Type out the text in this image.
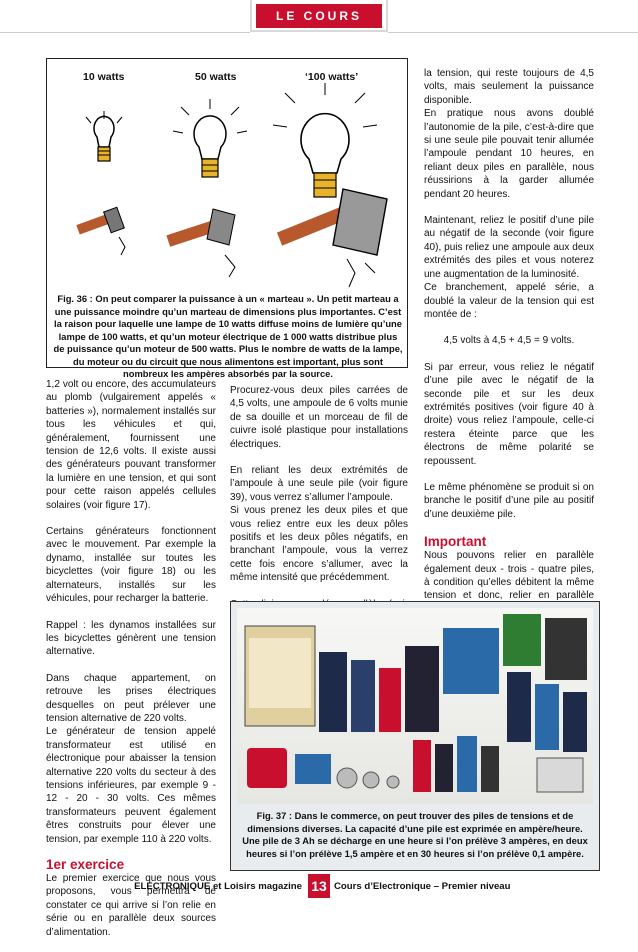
LE COURS
10 watts	50 watts	‘100 watts’
Fig. 36 : On peut comparer la puissance à un « marteau ». Un petit marteau a une puissance moindre qu’un marteau de dimensions plus importantes. C’est la raison pour laquelle une lampe de 10 watts diffuse moins de lumière qu’une lampe de 100 watts, et qu’un moteur électrique de 1 000 watts distribue plus de puissance qu’un moteur de 500 watts. Plus le nombre de watts de la lampe, du moteur ou du circuit que nous alimentons est important, plus sont nombreux les ampères absorbés par la source.

1,2 volt ou encore, des accumulateurs au plomb (vulgairement appelés « batteries »), normalement installés sur tous les véhicules et qui, généralement, fournissent une tension de 12,6 volts. Il existe aussi des générateurs pouvant transformer la lumière en une tension, et qui sont pour cette raison appelés cellules solaires (voir figure 17).

Certains générateurs fonctionnent avec le mouvement. Par exemple la dynamo, installée sur toutes les bicyclettes (voir figure 18) ou les alternateurs, installés sur les véhicules, pour recharger la batterie.

Rappel : les dynamos installées sur les bicyclettes génèrent une tension alternative.

Dans chaque appartement, on retrouve les prises électriques desquelles on peut prélever une tension alternative de 220 volts.

Le générateur de tension appelé transformateur est utilisé en électronique pour abaisser la tension alternative 220 volts du secteur à des tensions inférieures, par exemple 9 - 12 - 20 - 30 volts. Ces mêmes transformateurs peuvent également êtres construits pour élever une tension, par exemple 110 à 220 volts.

1er exercice

Le premier exercice que nous vous proposons, vous permettra de constater ce qui arrive si l’on relie en série ou en parallèle deux sources d’alimentation.

Procurez-vous deux piles carrées de 4,5 volts, une ampoule de 6 volts munie de sa douille et un morceau de fil de cuivre isolé plastique pour installations électriques.

En reliant les deux extrémités de l’ampoule à une seule pile (voir figure 39), vous verrez s’allumer l’ampoule.

Si vous prenez les deux piles et que vous reliez entre eux les deux pôles positifs et les deux pôles négatifs, en branchant l’ampoule, vous la verrez cette fois encore s’allumer, avec la même intensité que précédemment.

la tension, qui reste toujours de 4,5 volts, mais seulement la puissance disponible.

En pratique nous avons doublé l’autonomie de la pile, c’est-à-dire que si une seule pile pouvait tenir allumée l’ampoule pendant 10 heures, en reliant deux piles en parallèle, nous réussirions à la garder allumée pendant 20 heures.

Maintenant, reliez le positif d’une pile au négatif de la seconde (voir figure 40), puis reliez une ampoule aux deux extrémités des piles et vous noterez une augmentation de la luminosité.

Ce branchement, appelé série, a doublé la valeur de la tension qui est montée de :

4,5 volts à 4,5 + 4,5 = 9 volts.

Si par erreur, vous reliez le négatif d’une pile avec le négatif de la seconde pile et sur les deux extrémités positives (voir figure 40 à droite) vous reliez l’ampoule, celle-ci restera éteinte parce que les électrons de même polarité se repoussent.

Le même phénomène se produit si on branche le positif d’une pile au positif d’une deuxième pile.

Important

Nous pouvons relier en parallèle également deux - trois - quatre piles, à condition qu’elles débitent la même tension et donc, relier en parallèle

Fig. 37 : Dans le commerce, on peut trouver des piles de tensions et de dimensions diverses. La capacité d’une pile est exprimée en ampère/heure. Une pile de 3 Ah se décharge en une heure si l’on prélève 3 ampères, en deux heures si l’on prélève 1,5 ampère et en 30 heures si l’on prélève 0,1 ampère.
ELECTRONIQUE et Loisirs magazine 13 Cours d’Electronique – Premier niveau
